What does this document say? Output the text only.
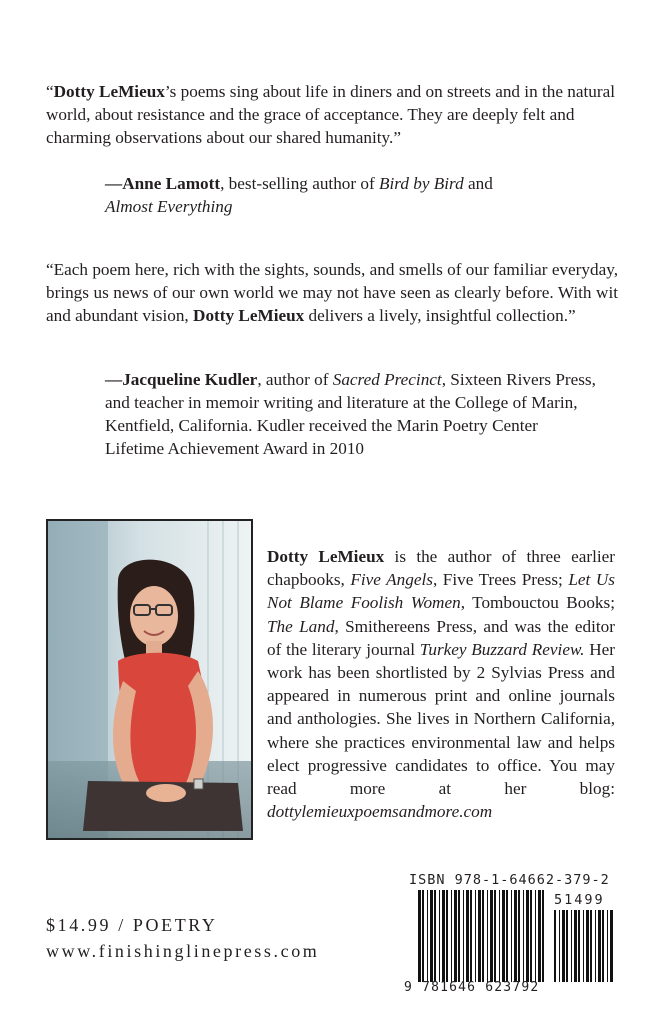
“Dotty LeMieux’s poems sing about life in diners and on streets and in the natural world, about resistance and the grace of acceptance. They are deeply felt and charming observations about our shared humanity.”

—Anne Lamott, best-selling author of Bird by Bird and
Almost Everything

“Each poem here, rich with the sights, sounds, and smells of our familiar everyday, brings us news of our own world we may not have seen as clearly before. With wit and abundant vision, Dotty LeMieux delivers a lively, insightful collection.”

—Jacqueline Kudler, author of Sacred Precinct, Sixteen Rivers Press, and teacher in memoir writing and literature at the College of Marin, Kentfield, California. Kudler received the Marin Poetry Center Lifetime Achievement Award in 2010

Dotty LeMieux is the author of three earlier chapbooks, Five Angels, Five Trees Press; Let Us Not Blame Foolish Women, Tombouctou Books; The Land, Smithereens Press, and was the editor of the literary journal Turkey Buzzard Review. Her work has been shortlisted by 2 Sylvias Press and appeared in numerous print and online journals and anthologies. She lives in Northern California, where she practices environmental law and helps elect progressive candidates to office. You may read more at her blog: dottylemieuxpoemsandmore.com

$14.99 / POETRY
www.finishinglinepress.com
ISBN 978-1-64662-379-2
51499
9 781646 623792
